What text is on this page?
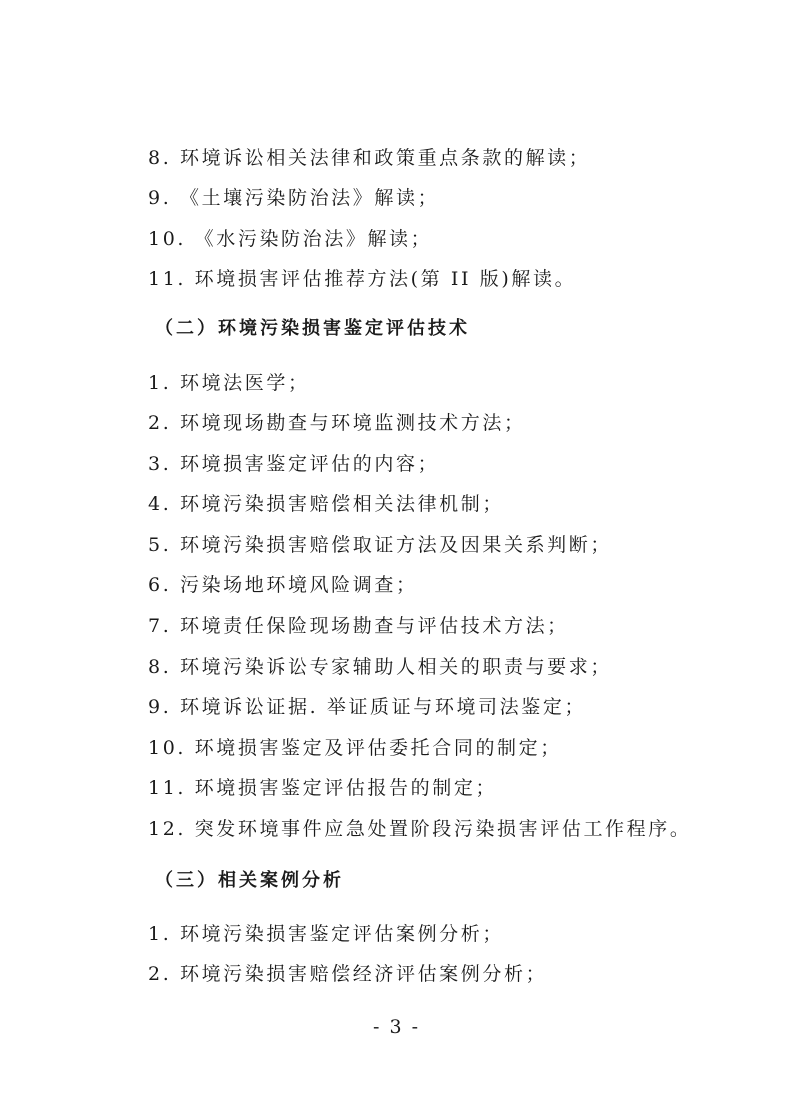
8. 环境诉讼相关法律和政策重点条款的解读；
9. 《土壤污染防治法》解读；
10. 《水污染防治法》解读；
11. 环境损害评估推荐方法(第 II 版)解读。
（二）环境污染损害鉴定评估技术
1. 环境法医学；
2. 环境现场勘查与环境监测技术方法；
3. 环境损害鉴定评估的内容；
4. 环境污染损害赔偿相关法律机制；
5. 环境污染损害赔偿取证方法及因果关系判断；
6. 污染场地环境风险调查；
7. 环境责任保险现场勘查与评估技术方法；
8. 环境污染诉讼专家辅助人相关的职责与要求；
9. 环境诉讼证据. 举证质证与环境司法鉴定；
10. 环境损害鉴定及评估委托合同的制定；
11. 环境损害鉴定评估报告的制定；
12. 突发环境事件应急处置阶段污染损害评估工作程序。
（三）相关案例分析
1. 环境污染损害鉴定评估案例分析；
2. 环境污染损害赔偿经济评估案例分析；
- 3 -
